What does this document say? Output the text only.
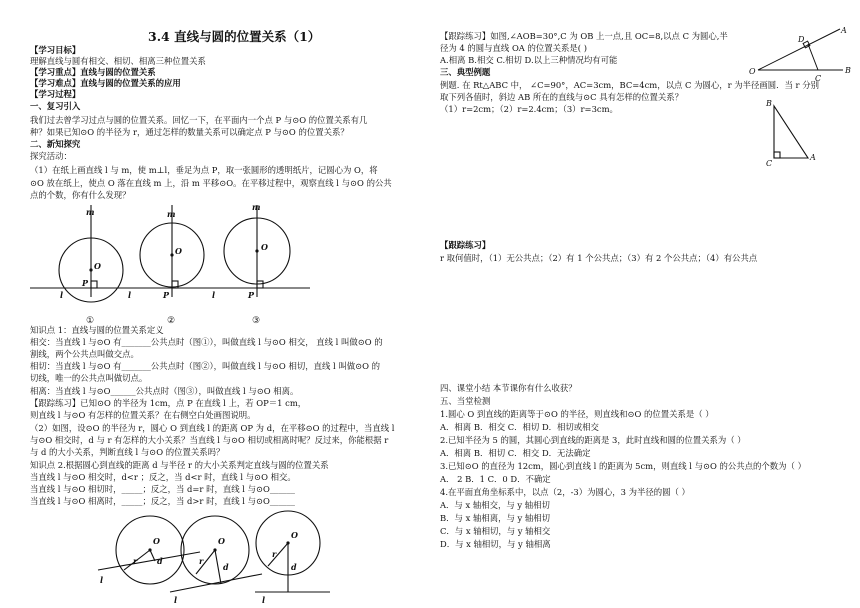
3.4 直线与圆的位置关系（1）
【学习目标】
理解直线与圆有相交、相切、相离三种位置关系
【学习重点】直线与圆的位置关系
【学习难点】直线与圆的位置关系的应用
【学习过程】
一、复习引入
我们过去曾学习过点与圆的位置关系。回忆一下，在平面内一个点 P 与⊙O 的位置关系有几
种？如果已知⊙O 的半径为 r，通过怎样的数量关系可以确定点 P 与⊙O 的位置关系？
二、新知探究
探究活动：
（1）在纸上画直线 l 与 m，使 m⊥l，垂足为点 P，取一张圆形的透明纸片，记圆心为 O，将
⊙O 放在纸上，使点 O 落在直线 m 上，沿 m 平移⊙O。在平移过程中，观察直线 l 与⊙O 的公共
点的个数，你有什么发现？
m
O
P
l
m
O
P
l
m
O
P
l
①	②	③
知识点 1：直线与圆的位置关系定义
相交：当直线 l 与⊙O 有_______公共点时（图①），叫做直线 l 与⊙O 相交， 直线 l 叫做⊙O 的
割线，两个公共点叫做交点。
相切：当直线 l 与⊙O 有_______公共点时（图②），叫做直线 l 与⊙O 相切，直线 l 叫做⊙O 的
切线，唯一的公共点叫做切点。
相离：当直线 l 与⊙O______公共点时（图③），叫做直线 l 与⊙O 相离。
【跟踪练习】已知⊙O 的半径为 1cm，点 P 在直线 l 上，若 OP＝1 cm，
则直线 l 与⊙O 有怎样的位置关系？在右侧空白处画图说明。
（2）如图，设⊙O 的半径为 r，圆心 O 到直线 l 的距离 OP 为 d，在平移⊙O 的过程中，当直线 l
与⊙O 相交时，d 与 r 有怎样的大小关系？当直线 l 与⊙O 相切或相离时呢？反过来，你能根据 r
与 d 的大小关系，判断直线 l 与⊙O 的位置关系吗？
知识点 2.根据圆心到直线的距离 d 与半径 r 的大小关系判定直线与圆的位置关系
当直线 l 与⊙O 相交时，d<r ；反之，当 d<r 时，直线 l 与⊙O 相交。
当直线 l 与⊙O 相切时，_____；反之，当 d=r 时，直线 l 与⊙O______
当直线 l 与⊙O 相离时，_____；反之，当 d>r 时，直线 l 与⊙O______
O
r d
l
O
r
d
l
O
r
d
l
【跟踪练习】如图,∠AOB=30°,C 为 OB 上一点,且 OC=8,以点 C 为圆心,半
径为 4 的圆与直线 OA 的位置关系是( )
A.相离 B.相交 C.相切 D.以上三种情况均有可能
三、典型例题
例题. 在 Rt△ABC 中， ∠C=90°，AC=3cm，BC=4cm，以点 C 为圆心，r 为半径画圆．当 r 分别
取下列各值时，斜边 AB 所在的直线与⊙C 具有怎样的位置关系？
（1）r=2cm；（2）r=2.4cm；（3）r=3cm。
O
A
B
C
D
B
C
A
【跟踪练习】
r 取何值时，（1）无公共点；（2）有 1 个公共点；（3）有 2 个公共点；（4）有公共点
四、课堂小结 本节课你有什么收获？
五、当堂检测
1.圆心 O 到直线的距离等于⊙O 的半径，则直线和⊙O 的位置关系是（ ）
A．相离 B．相交 C．相切 D．相切或相交
2.已知半径为 5 的圆，其圆心到直线的距离是 3，此时直线和圆的位置关系为（ ）
A．相离 B．相切 C．相交 D．无法确定
3.已知⊙O 的直径为 12cm，圆心到直线 l 的距离为 5cm，则直线 l 与⊙O 的公共点的个数为（ ）
A． 2 B．1 C．0 D．不确定
4.在平面直角坐标系中，以点（2，-3）为圆心，3 为半径的圆（ ）
A．与 x 轴相交，与 y 轴相切
B．与 x 轴相离，与 y 轴相切
C．与 x 轴相切，与 y 轴相交
D．与 x 轴相切，与 y 轴相离
